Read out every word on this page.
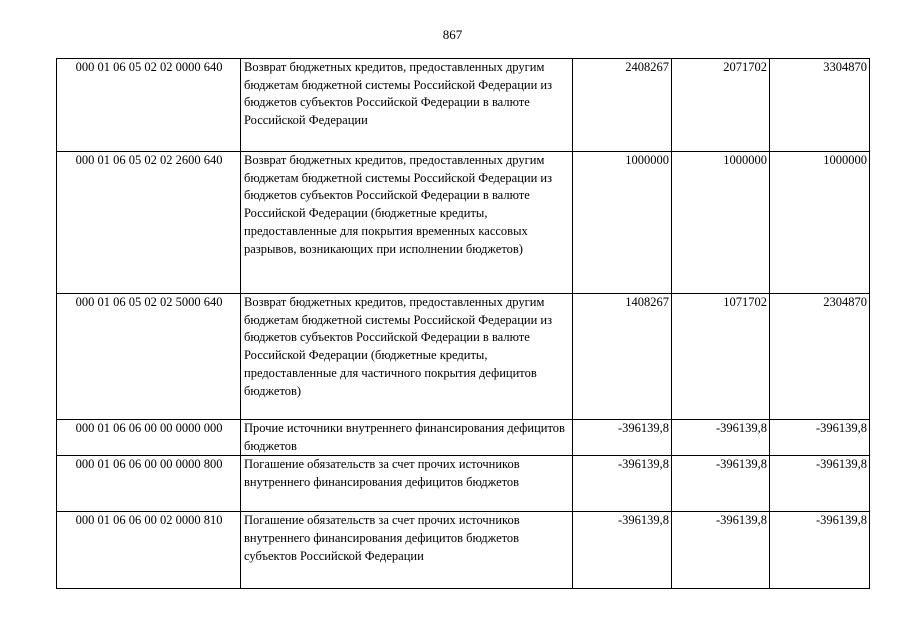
867
000 01 06 05 02 02 0000 640	Возврат бюджетных кредитов, предоставленных другим бюджетам бюджетной системы Российской Федерации из бюджетов субъектов Российской Федерации в валюте Российской Федерации	2408267	2071702	3304870
000 01 06 05 02 02 2600 640	Возврат бюджетных кредитов, предоставленных другим бюджетам бюджетной системы Российской Федерации из бюджетов субъектов Российской Федерации в валюте Российской Федерации (бюджетные кредиты, предоставленные для покрытия временных кассовых разрывов, возникающих при исполнении бюджетов)	1000000	1000000	1000000
000 01 06 05 02 02 5000 640	Возврат бюджетных кредитов, предоставленных другим бюджетам бюджетной системы Российской Федерации из бюджетов субъектов Российской Федерации в валюте Российской Федерации (бюджетные кредиты, предоставленные для частичного покрытия дефицитов бюджетов)	1408267	1071702	2304870
000 01 06 06 00 00 0000 000	Прочие источники внутреннего финансирования дефицитов бюджетов	-396139,8	-396139,8	-396139,8
000 01 06 06 00 00 0000 800	Погашение обязательств за счет прочих источников внутреннего финансирования дефицитов бюджетов	-396139,8	-396139,8	-396139,8
000 01 06 06 00 02 0000 810	Погашение обязательств за счет прочих источников внутреннего финансирования дефицитов бюджетов субъектов Российской Федерации	-396139,8	-396139,8	-396139,8
